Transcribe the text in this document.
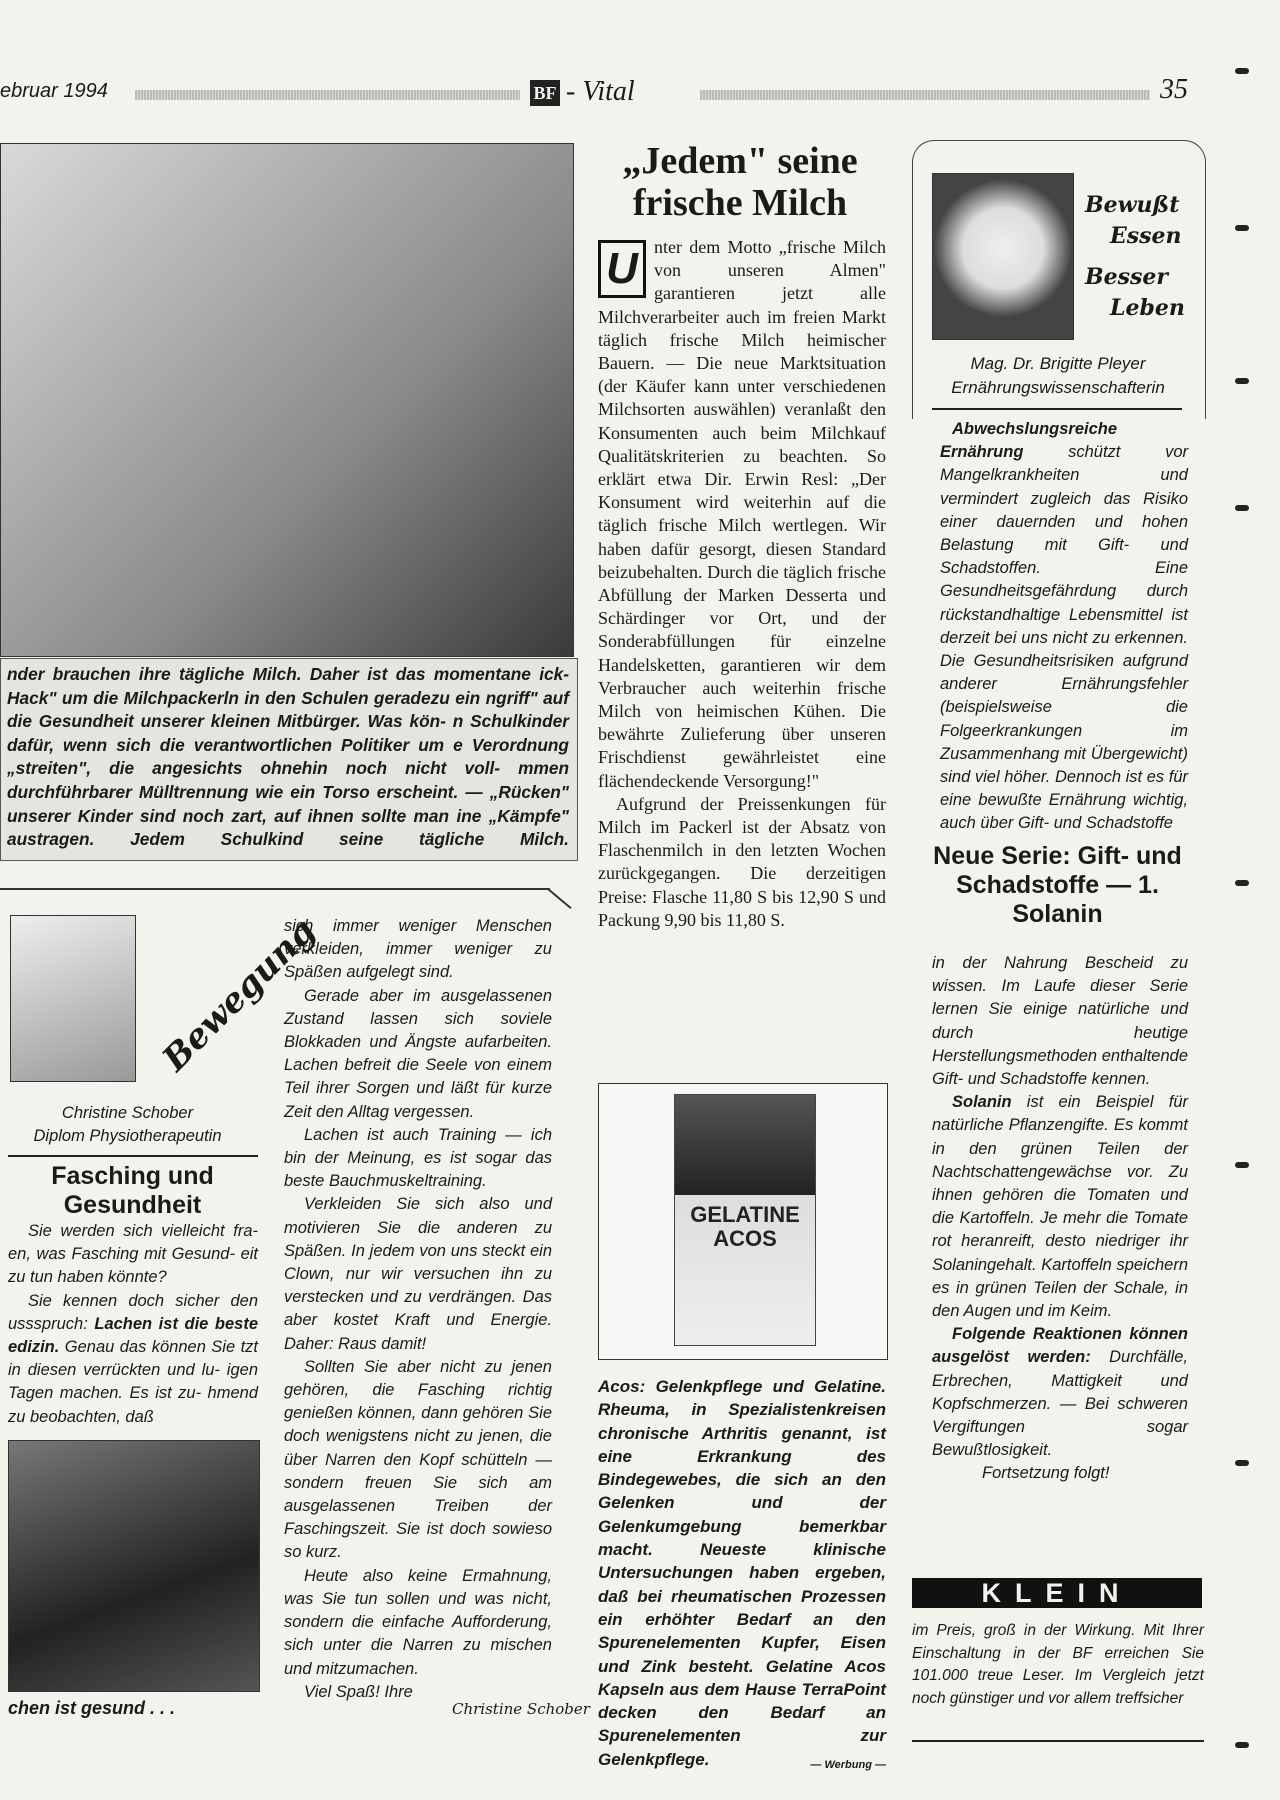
ebruar 1994	BF - Vital	35
nder brauchen ihre tägliche Milch. Daher ist das momentane ick-Hack" um die Milchpackerln in den Schulen geradezu ein ngriff" auf die Gesundheit unserer kleinen Mitbürger. Was kön- n Schulkinder dafür, wenn sich die verantwortlichen Politiker um e Verordnung „streiten", die angesichts ohnehin noch nicht voll- mmen durchführbarer Mülltrennung wie ein Torso erscheint. — „Rücken" unserer Kinder sind noch zart, auf ihnen sollte man ine „Kämpfe" austragen. Jedem Schulkind seine tägliche Milch.
Bewegung
Christine Schober
Diplom Physiotherapeutin
Fasching und Gesundheit

Sie werden sich vielleicht fra- en, was Fasching mit Gesund- eit zu tun haben könnte?

Sie kennen doch sicher den ussspruch: Lachen ist die beste edizin. Genau das können Sie tzt in diesen verrückten und lu- igen Tagen machen. Es ist zu- hmend zu beobachten, daß

chen ist gesund . . .

sich immer weniger Menschen verkleiden, immer weniger zu Späßen aufgelegt sind.

Gerade aber im ausgelassenen Zustand lassen sich soviele Blokkaden und Ängste aufarbeiten. Lachen befreit die Seele von einem Teil ihrer Sorgen und läßt für kurze Zeit den Alltag vergessen.

Lachen ist auch Training — ich bin der Meinung, es ist sogar das beste Bauchmuskeltraining.

Verkleiden Sie sich also und motivieren Sie die anderen zu Späßen. In jedem von uns steckt ein Clown, nur wir versuchen ihn zu verstecken und zu verdrängen. Das aber kostet Kraft und Energie. Daher: Raus damit!

Sollten Sie aber nicht zu jenen gehören, die Fasching richtig genießen können, dann gehören Sie doch wenigstens nicht zu jenen, die über Narren den Kopf schütteln — sondern freuen Sie sich am ausgelassenen Treiben der Faschingszeit. Sie ist doch sowieso so kurz.

Heute also keine Ermahnung, was Sie tun sollen und was nicht, sondern die einfache Aufforderung, sich unter die Narren zu mischen und mitzumachen.

Viel Spaß! Ihre

Christine Schober
„Jedem" seine
frische Milch
U nter dem Motto „frische Milch von unseren Almen" garantieren jetzt alle Milchverarbeiter auch im freien Markt täglich frische Milch heimischer Bauern. — Die neue Marktsituation (der Käufer kann unter verschiedenen Milchsorten auswählen) veranlaßt den Konsumenten auch beim Milchkauf Qualitätskriterien zu beachten. So erklärt etwa Dir. Erwin Resl: „Der Konsument wird weiterhin auf die täglich frische Milch wertlegen. Wir haben dafür gesorgt, diesen Standard beizubehalten. Durch die täglich frische Abfüllung der Marken Desserta und Schärdinger vor Ort, und der Sonderabfüllungen für einzelne Handelsketten, garantieren wir dem Verbraucher auch weiterhin frische Milch von heimischen Kühen. Die bewährte Zulieferung über unseren Frischdienst gewährleistet eine flächendeckende Versorgung!"

Aufgrund der Preissenkungen für Milch im Packerl ist der Absatz von Flaschenmilch in den letzten Wochen zurückgegangen. Die derzeitigen Preise: Flasche 11,80 S bis 12,90 S und Packung 9,90 bis 11,80 S.

GELATINE ACOS
Acos: Gelenkpflege und Gelatine. Rheuma, in Spezialistenkreisen chronische Arthritis genannt, ist eine Erkrankung des Bindegewebes, die sich an den Gelenken und der Gelenkumgebung bemerkbar macht. Neueste klinische Untersuchungen haben ergeben, daß bei rheumatischen Prozessen ein erhöhter Bedarf an den Spurenelementen Kupfer, Eisen und Zink besteht. Gelatine Acos Kapseln aus dem Hause TerraPoint decken den Bedarf an Spurenelementen zur Gelenkpflege.	— Werbung —
Bewußt
Essen
Besser
Leben
Mag. Dr. Brigitte Pleyer
Ernährungswissenschafterin

Abwechslungsreiche Ernährung schützt vor Mangelkrankheiten und vermindert zugleich das Risiko einer dauernden und hohen Belastung mit Gift- und Schadstoffen. Eine Gesundheitsgefährdung durch rückstandhaltige Lebensmittel ist derzeit bei uns nicht zu erkennen. Die Gesundheitsrisiken aufgrund anderer Ernährungsfehler (beispielsweise die Folgeerkrankungen im Zusammenhang mit Übergewicht) sind viel höher. Dennoch ist es für eine bewußte Ernährung wichtig, auch über Gift- und Schadstoffe

Neue Serie: Gift- und Schadstoffe — 1. Solanin

in der Nahrung Bescheid zu wissen. Im Laufe dieser Serie lernen Sie einige natürliche und durch heutige Herstellungsmethoden enthaltende Gift- und Schadstoffe kennen.

Solanin ist ein Beispiel für natürliche Pflanzengifte. Es kommt in den grünen Teilen der Nachtschattengewächse vor. Zu ihnen gehören die Tomaten und die Kartoffeln. Je mehr die Tomate rot heranreift, desto niedriger ihr Solaningehalt. Kartoffeln speichern es in grünen Teilen der Schale, in den Augen und im Keim.

Folgende Reaktionen können ausgelöst werden: Durchfälle, Erbrechen, Mattigkeit und Kopfschmerzen. — Bei schweren Vergiftungen sogar Bewußtlosigkeit.

Fortsetzung folgt!

KLEIN
im Preis, groß in der Wirkung. Mit Ihrer Einschaltung in der BF erreichen Sie 101.000 treue Leser. Im Vergleich jetzt noch günstiger und vor allem treffsicher
